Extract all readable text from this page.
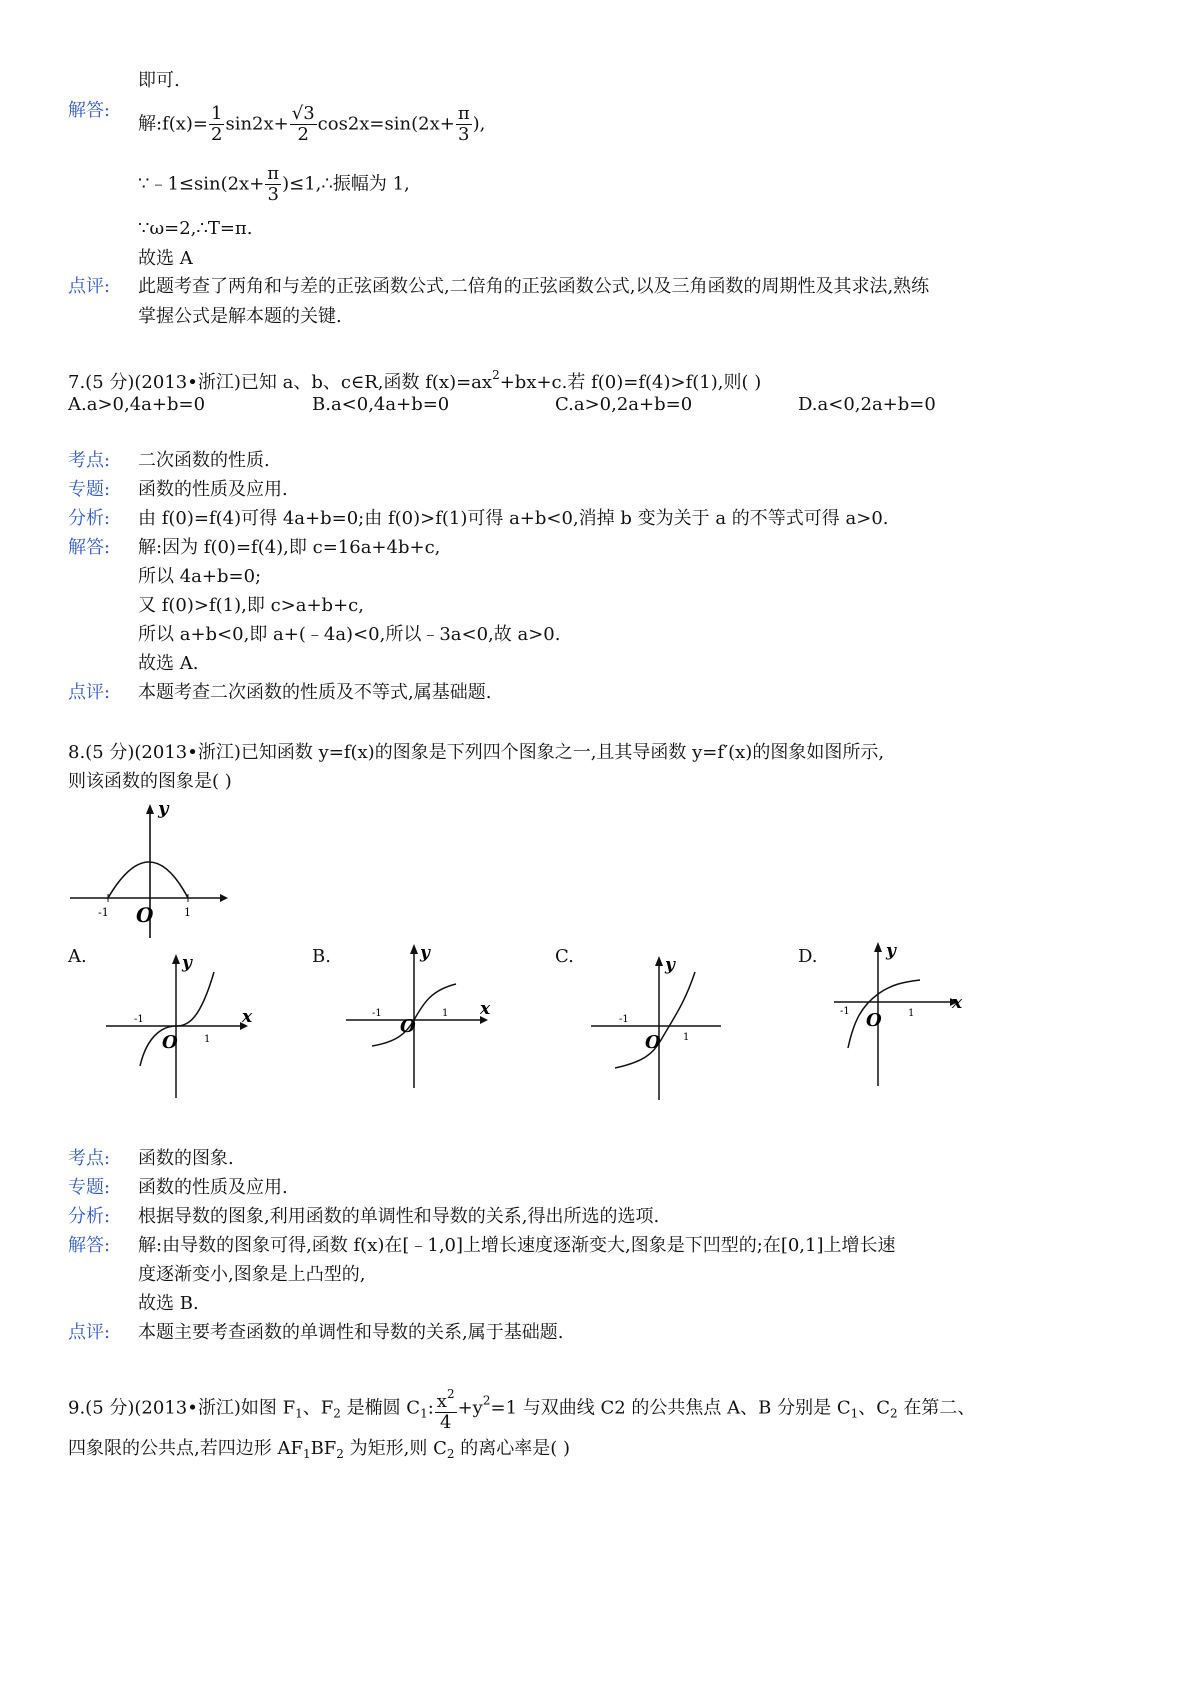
即可.
解答:
解:f(x)= $\frac{1}{2} \sin 2x+ \frac{√3}{2} \cos 2x=\sin(2x+ \frac{\pi}{3}$ ),
∵﹣1≤sin(2x+ $\frac{\pi}{3}$ )≤1,∴振幅为 1,
∵ω=2,∴T=π.
故选 A
点评: 此题考查了两角和与差的正弦函数公式,二倍角的正弦函数公式,以及三角函数的周期性及其求法,熟练
掌握公式是解本题的关键.
7.(5 分)(2013•浙江)已知 a、b、c∈R,函数 $f(x)=ax^2+bx+c$.若 f(0)=f(4)>f(1),则( )
A.a>0,4a+b=0	B.a<0,4a+b=0	C.a>0,2a+b=0	D.a<0,2a+b=0
考点: 二次函数的性质.
专题: 函数的性质及应用.
分析: 由 f(0)=f(4)可得 4a+b=0;由 f(0)>f(1)可得 a+b<0,消掉 b 变为关于 a 的不等式可得 a>0.
解答: 解:因为 f(0)=f(4),即 c=16a+4b+c,
所以 4a+b=0;
又 f(0)>f(1),即 c>a+b+c,
所以 a+b<0,即 a+(﹣4a)<0,所以﹣3a<0,故 a>0.
故选 A.
点评: 本题考查二次函数的性质及不等式,属基础题.
8.(5 分)(2013•浙江)已知函数 y=f(x)的图象是下列四个图象之一,且其导函数 y=f′(x)的图象如图所示,
则该函数的图象是( )
y
O
-1	1
A.	B.	C.	D.
y
x
O
-1
1
y
x
O
-1	1
y
O
-1
1
y
x
O
-1	1
考点: 函数的图象.
专题: 函数的性质及应用.
分析: 根据导数的图象,利用函数的单调性和导数的关系,得出所选的选项.
解答: 解:由导数的图象可得,函数 f(x)在[﹣1,0]上增长速度逐渐变大,图象是下凹型的;在[0,1]上增长速
度逐渐变小,图象是上凸型的,
故选 B.
点评: 本题主要考查函数的单调性和导数的关系,属于基础题.
9.(5 分)(2013•浙江)如图 $F_1$、$F_2$ 是椭圆 $C_1$: $\frac{x^2}{4} +y^2=1$ 与双曲线 C2 的公共焦点 A、B 分别是 $C_1$、$C_2$ 在第二、
四象限的公共点,若四边形 $AF_1BF_2$ 为矩形,则 $C_2$ 的离心率是( )
